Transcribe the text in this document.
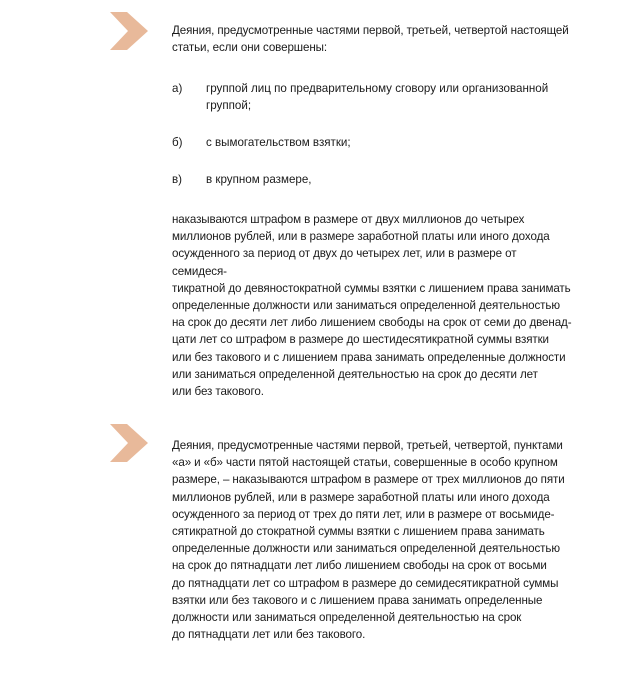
Деяния, предусмотренные частями первой, третьей, четвертой настоящей
статьи, если они совершены:

а)	группой лиц по предварительному сговору или организованной
группой;
б)	с вымогательством взятки;
в)	в крупном размере,

наказываются штрафом в размере от двух миллионов до четырех
миллионов рублей, или в размере заработной платы или иного дохода
осужденного за период от двух до четырех лет, или в размере от семидеся-
тикратной до девяностократной суммы взятки с лишением права занимать
определенные должности или заниматься определенной деятельностью
на срок до десяти лет либо лишением свободы на срок от семи до двенад-
цати лет со штрафом в размере до шестидесятикратной суммы взятки
или без такового и с лишением права занимать определенные должности
или заниматься определенной деятельностью на срок до десяти лет
или без такового.

Деяния, предусмотренные частями первой, третьей, четвертой, пунктами
«а» и «б» части пятой настоящей статьи, совершенные в особо крупном
размере, – наказываются штрафом в размере от трех миллионов до пяти
миллионов рублей, или в размере заработной платы или иного дохода
осужденного за период от трех до пяти лет, или в размере от восьмиде-
сятикратной до стократной суммы взятки с лишением права занимать
определенные должности или заниматься определенной деятельностью
на срок до пятнадцати лет либо лишением свободы на срок от восьми
до пятнадцати лет со штрафом в размере до семидесятикратной суммы
взятки или без такового и с лишением права занимать определенные
должности или заниматься определенной деятельностью на срок
до пятнадцати лет или без такового.
